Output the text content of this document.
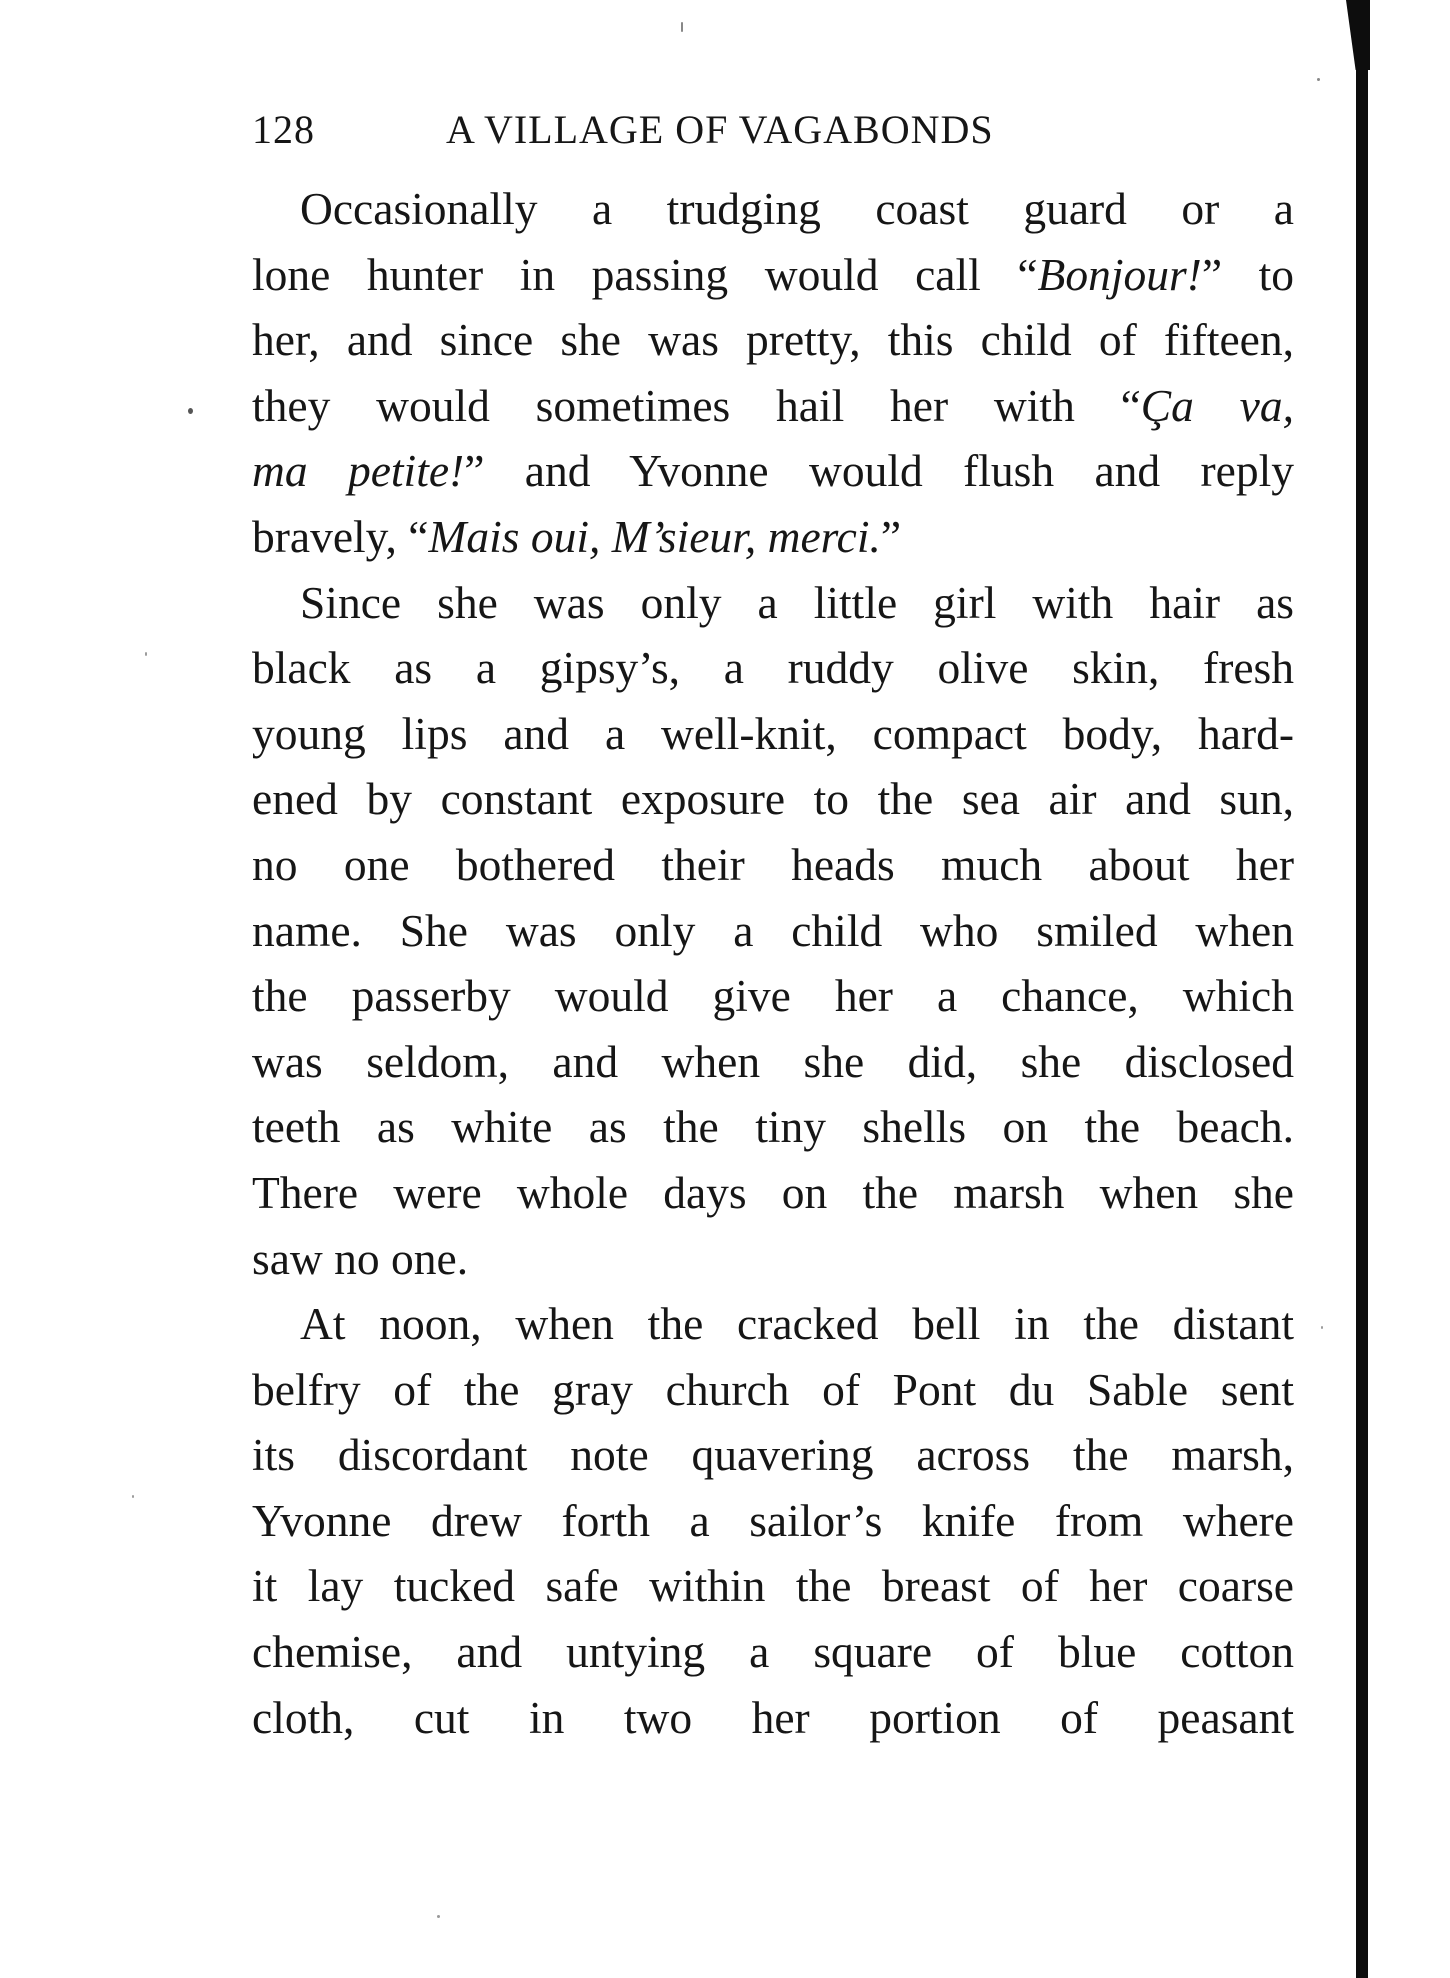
128	A VILLAGE OF VAGABONDS
Occasionally a trudging coast guard or a
lone hunter in passing would call “Bonjour!” to
her, and since she was pretty, this child of fifteen,
they would sometimes hail her with “Ça va,
ma petite!” and Yvonne would flush and reply
bravely, “Mais oui, M’sieur, merci.”
Since she was only a little girl with hair as
black as a gipsy’s, a ruddy olive skin, fresh
young lips and a well-knit, compact body, hard-
ened by constant exposure to the sea air and sun,
no one bothered their heads much about her
name. She was only a child who smiled when
the passerby would give her a chance, which
was seldom, and when she did, she disclosed
teeth as white as the tiny shells on the beach.
There were whole days on the marsh when she
saw no one.
At noon, when the cracked bell in the distant
belfry of the gray church of Pont du Sable sent
its discordant note quavering across the marsh,
Yvonne drew forth a sailor’s knife from where
it lay tucked safe within the breast of her coarse
chemise, and untying a square of blue cotton
cloth, cut in two her portion of peasant
